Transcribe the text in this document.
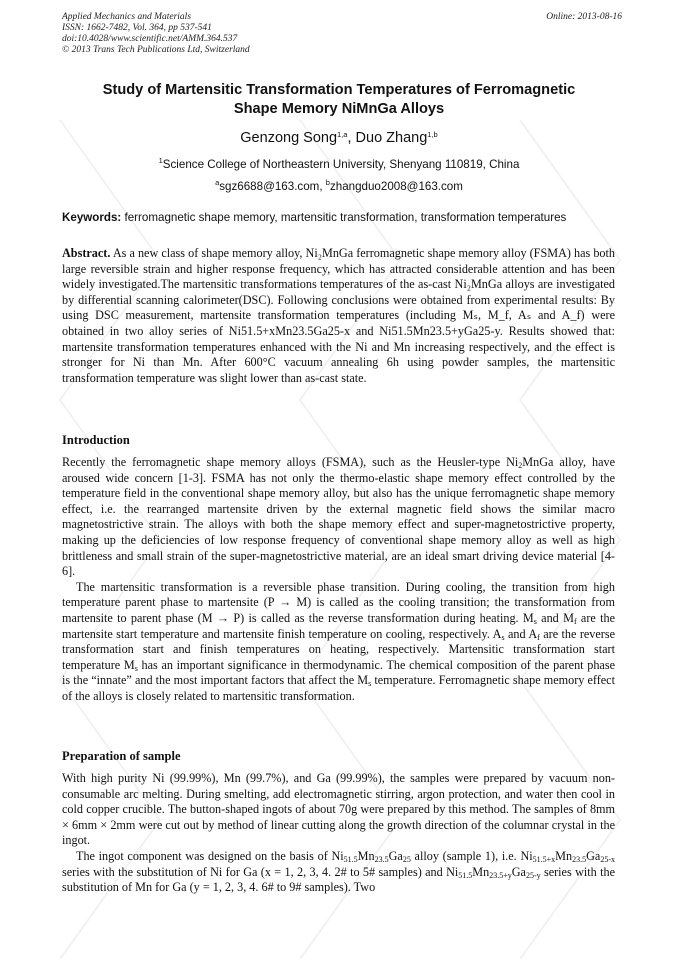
Applied Mechanics and Materials
ISSN: 1662-7482, Vol. 364, pp 537-541
doi:10.4028/www.scientific.net/AMM.364.537
© 2013 Trans Tech Publications Ltd, Switzerland
Online: 2013-08-16
Study of Martensitic Transformation Temperatures of Ferromagnetic
Shape Memory NiMnGa Alloys
Genzong Song$^{1,a}$, Duo Zhang$^{1,b}$
$^1$Science College of Northeastern University, Shenyang 110819, China
$^a$sgz6688@163.com, $^b$zhangduo2008@163.com
Keywords: ferromagnetic shape memory, martensitic transformation, transformation temperatures

Abstract. As a new class of shape memory alloy, Ni₂MnGa ferromagnetic shape memory alloy (FSMA) has both large reversible strain and higher response frequency, which has attracted considerable attention and has been widely investigated.The martensitic transformations temperatures of the as-cast Ni₂MnGa alloys are investigated by differential scanning calorimeter(DSC). Following conclusions were obtained from experimental results: By using DSC measurement, martensite transformation temperatures (including Mₛ, M_f, Aₛ and A_f) were obtained in two alloy series of Ni51.5+xMn23.5Ga25-x and Ni51.5Mn23.5+yGa25-y. Results showed that: martensite transformation temperatures enhanced with the Ni and Mn increasing respectively, and the effect is stronger for Ni than Mn. After 600°C vacuum annealing 6h using powder samples, the martensitic transformation temperature was slight lower than as-cast state.

Introduction

Recently the ferromagnetic shape memory alloys (FSMA), such as the Heusler-type $Ni_2MnGa$ alloy, have aroused wide concern [1-3]. FSMA has not only the thermo-elastic shape memory effect controlled by the temperature field in the conventional shape memory alloy, but also has the unique ferromagnetic shape memory effect, i.e. the rearranged martensite driven by the external magnetic field shows the similar macro magnetostrictive strain. The alloys with both the shape memory effect and super-magnetostrictive property, making up the deficiencies of low response frequency of conventional shape memory alloy as well as high brittleness and small strain of the super-magnetostrictive material, are an ideal smart driving device material [4-6].

The martensitic transformation is a reversible phase transition. During cooling, the transition from high temperature parent phase to martensite (P → M) is called as the cooling transition; the transformation from martensite to parent phase (M → P) is called as the reverse transformation during heating. $M_s$ and $M_f$ are the martensite start temperature and martensite finish temperature on cooling, respectively. $A_s$ and $A_f$ are the reverse transformation start and finish temperatures on heating, respectively. Martensitic transformation start temperature $M_s$ has an important significance in thermodynamic. The chemical composition of the parent phase is the “innate” and the most important factors that affect the $M_s$ temperature. Ferromagnetic shape memory effect of the alloys is closely related to martensitic transformation.

Preparation of sample

With high purity Ni (99.99%), Mn (99.7%), and Ga (99.99%), the samples were prepared by vacuum non-consumable arc melting. During smelting, add electromagnetic stirring, argon protection, and water then cool in cold copper crucible. The button-shaped ingots of about 70g were prepared by this method. The samples of 8mm × 6mm × 2mm were cut out by method of linear cutting along the growth direction of the columnar crystal in the ingot.

The ingot component was designed on the basis of $Ni_{51.5}Mn_{23.5}Ga_{25}$ alloy (sample 1), i.e. $Ni_{51.5+x}Mn_{23.5}Ga_{25-x}$ series with the substitution of Ni for Ga (x = 1, 2, 3, 4. 2# to 5# samples) and $Ni_{51.5}Mn_{23.5+y}Ga_{25-y}$ series with the substitution of Mn for Ga (y = 1, 2, 3, 4. 6# to 9# samples). Two
